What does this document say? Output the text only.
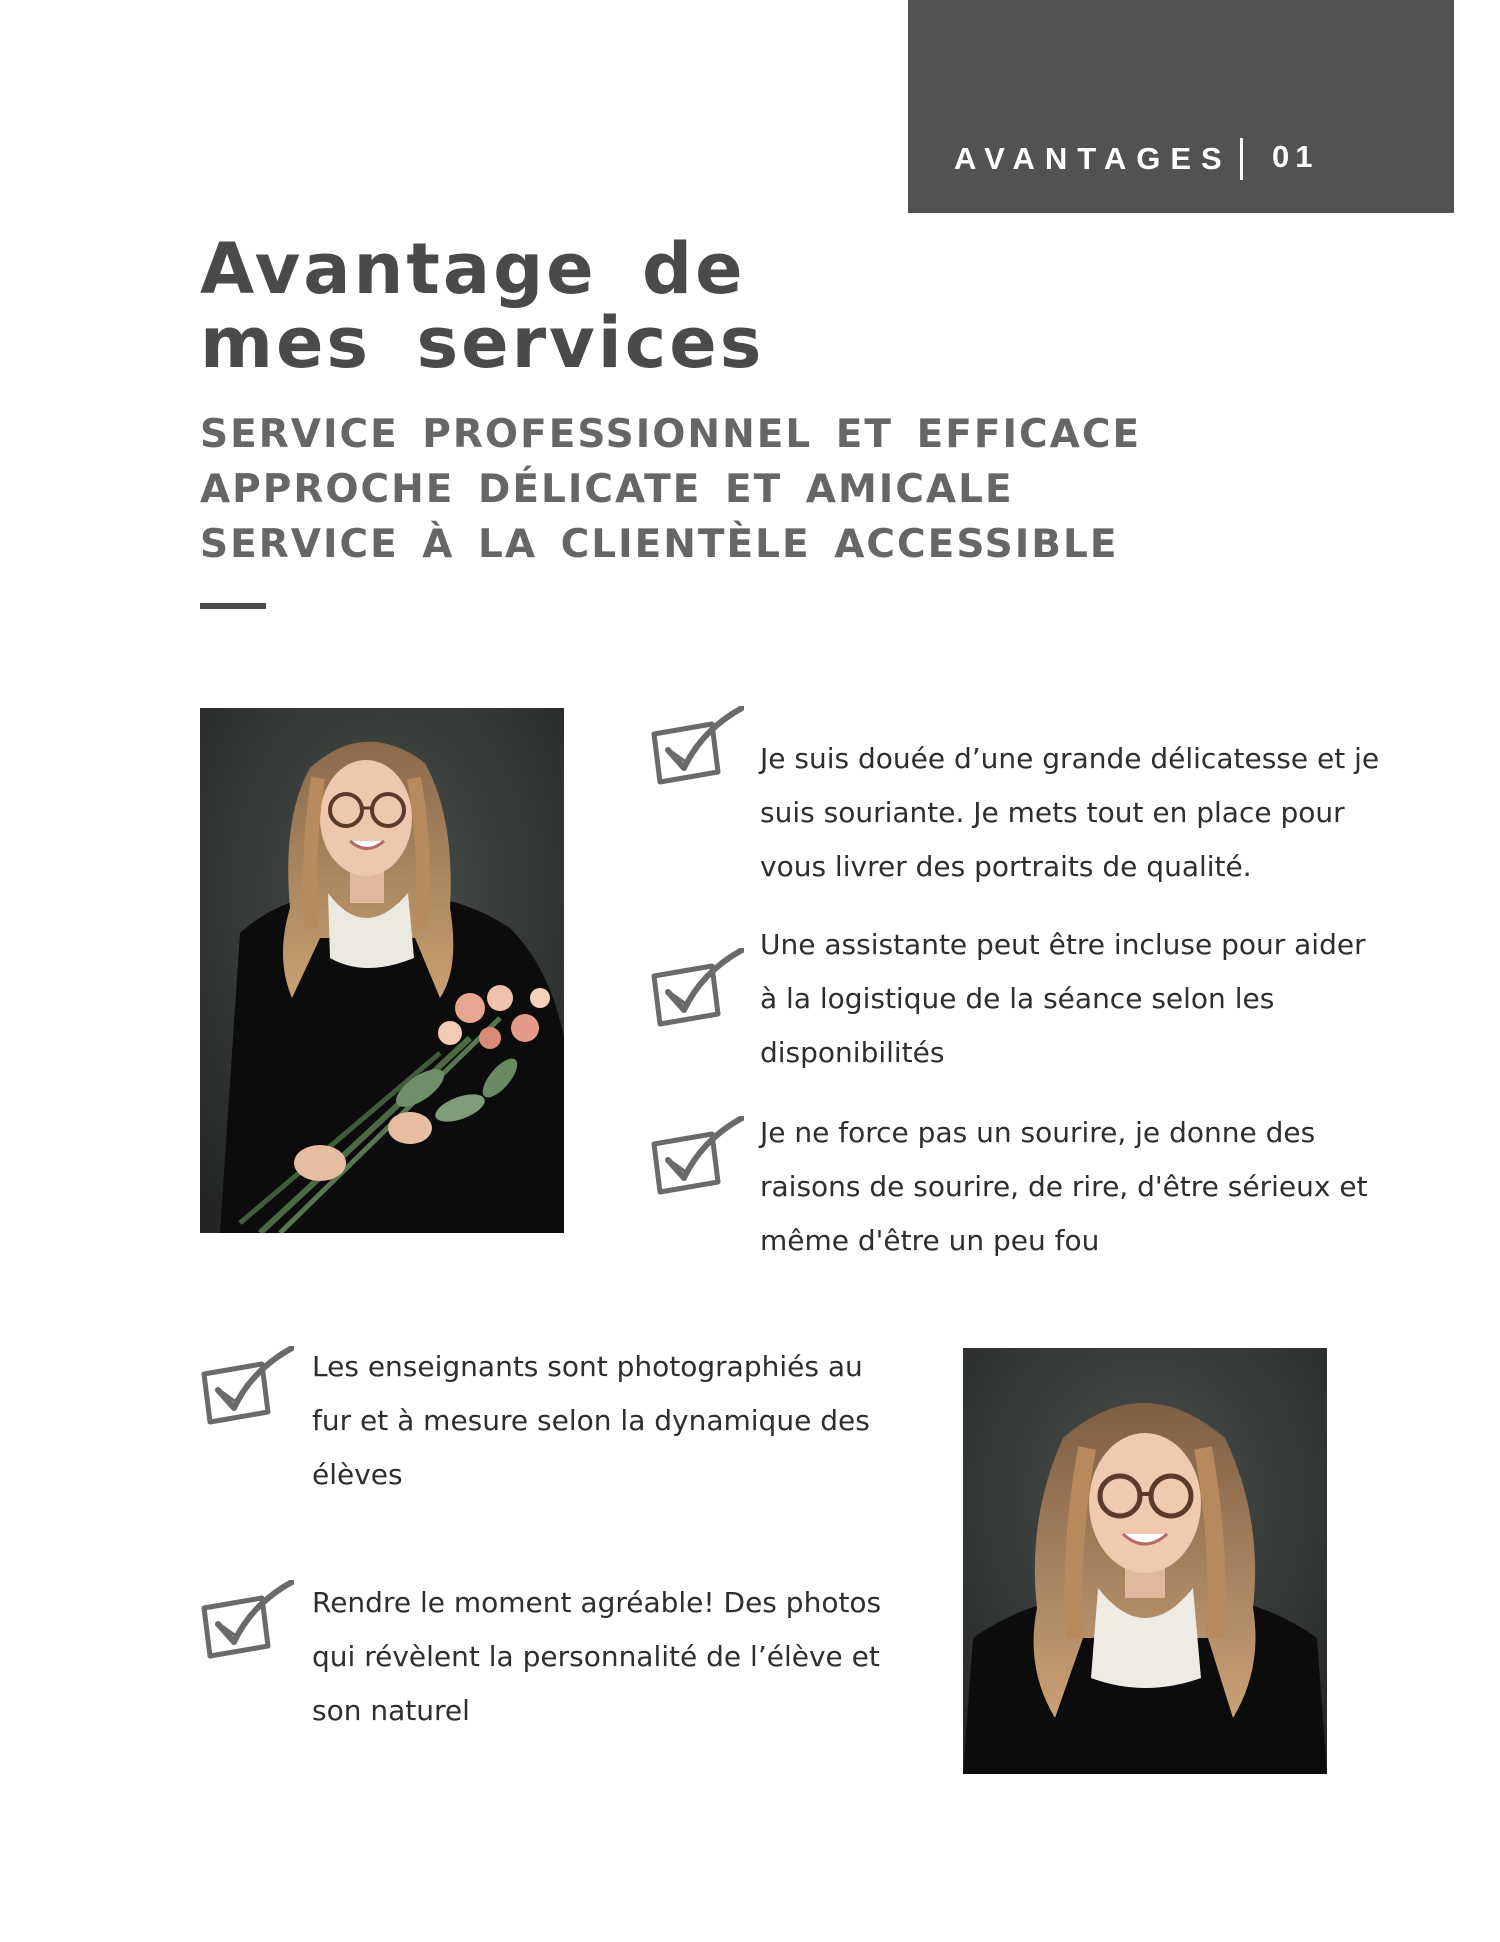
AVANTAGES 01
Avantage de mes services
SERVICE PROFESSIONNEL ET EFFICACE
APPROCHE DÉLICATE ET AMICALE
SERVICE À LA CLIENTÈLE ACCESSIBLE
Je suis douée d’une grande délicatesse et je suis souriante. Je mets tout en place pour vous livrer des portraits de qualité.
Une assistante peut être incluse pour aider à la logistique de la séance selon les disponibilités
Je ne force pas un sourire, je donne des raisons de sourire, de rire, d'être sérieux et même d'être un peu fou
Les enseignants sont photographiés au fur et à mesure selon la dynamique des élèves
Rendre le moment agréable! Des photos qui révèlent la personnalité de l’élève et son naturel
